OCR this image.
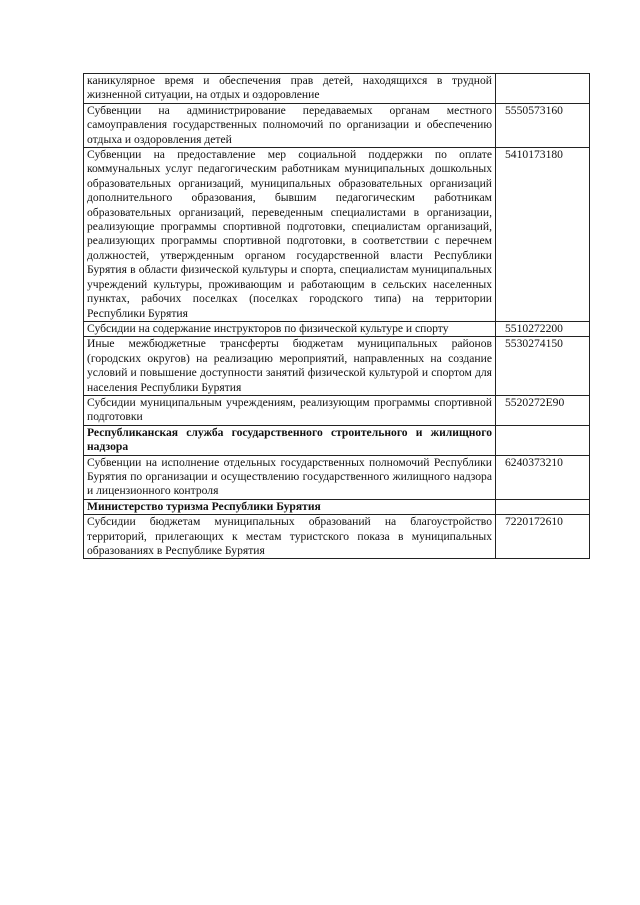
каникулярное время и обеспечения прав детей, находящихся в трудной жизненной ситуации, на отдых и оздоровление	
Субвенции на администрирование передаваемых органам местного самоуправления государственных полномочий по организации и обеспечению отдыха и оздоровления детей	5550573160
Субвенции на предоставление мер социальной поддержки по оплате коммунальных услуг педагогическим работникам муниципальных дошкольных образовательных организаций, муниципальных образовательных организаций дополнительного образования, бывшим педагогическим работникам образовательных организаций, переведенным специалистами в организации, реализующие программы спортивной подготовки, специалистам организаций, реализующих программы спортивной подготовки, в соответствии с перечнем должностей, утвержденным органом государственной власти Республики Бурятия в области физической культуры и спорта, специалистам муниципальных учреждений культуры, проживающим и работающим в сельских населенных пунктах, рабочих поселках (поселках городского типа) на территории Республики Бурятия	5410173180
Субсидии на содержание инструкторов по физической культуре и спорту	5510272200
Иные межбюджетные трансферты бюджетам муниципальных районов (городских округов) на реализацию мероприятий, направленных на создание условий и повышение доступности занятий физической культурой и спортом для населения Республики Бурятия	5530274150
Субсидии муниципальным учреждениям, реализующим программы спортивной подготовки	5520272Е90
Республиканская служба государственного строительного и жилищного надзора	
Субвенции на исполнение отдельных государственных полномочий Республики Бурятия по организации и осуществлению государственного жилищного надзора и лицензионного контроля	6240373210
Министерство туризма Республики Бурятия	
Субсидии бюджетам муниципальных образований на благоустройство территорий, прилегающих к местам туристского показа в муниципальных образованиях в Республике Бурятия	7220172610
